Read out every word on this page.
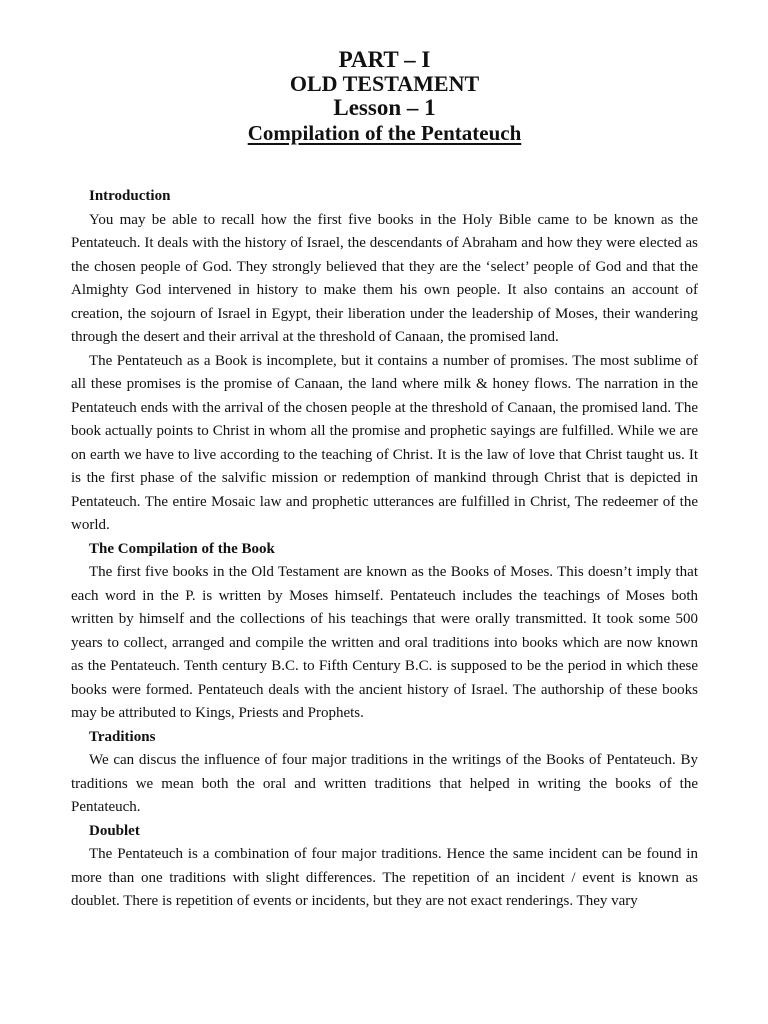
PART – I
OLD TESTAMENT
Lesson – 1
Compilation of the Pentateuch
Introduction

You may be able to recall how the first five books in the Holy Bible came to be known as the Pentateuch. It deals with the history of Israel, the descendants of Abraham and how they were elected as the chosen people of God. They strongly believed that they are the ‘select’ people of God and that the Almighty God intervened in history to make them his own people. It also contains an account of creation, the sojourn of Israel in Egypt, their liberation under the leadership of Moses, their wandering through the desert and their arrival at the threshold of Canaan, the promised land.

The Pentateuch as a Book is incomplete, but it contains a number of promises. The most sublime of all these promises is the promise of Canaan, the land where milk & honey flows. The narration in the Pentateuch ends with the arrival of the chosen people at the threshold of Canaan, the promised land. The book actually points to Christ in whom all the promise and prophetic sayings are fulfilled. While we are on earth we have to live according to the teaching of Christ. It is the law of love that Christ taught us. It is the first phase of the salvific mission or redemption of mankind through Christ that is depicted in Pentateuch. The entire Mosaic law and prophetic utterances are fulfilled in Christ, The redeemer of the world.

The Compilation of the Book

The first five books in the Old Testament are known as the Books of Moses. This doesn’t imply that each word in the P. is written by Moses himself. Pentateuch includes the teachings of Moses both written by himself and the collections of his teachings that were orally transmitted. It took some 500 years to collect, arranged and compile the written and oral traditions into books which are now known as the Pentateuch. Tenth century B.C. to Fifth Century B.C. is supposed to be the period in which these books were formed. Pentateuch deals with the ancient history of Israel. The authorship of these books may be attributed to Kings, Priests and Prophets.

Traditions

We can discus the influence of four major traditions in the writings of the Books of Pentateuch. By traditions we mean both the oral and written traditions that helped in writing the books of the Pentateuch.

Doublet

The Pentateuch is a combination of four major traditions. Hence the same incident can be found in more than one traditions with slight differences. The repetition of an incident / event is known as doublet. There is repetition of events or incidents, but they are not exact renderings. They vary
